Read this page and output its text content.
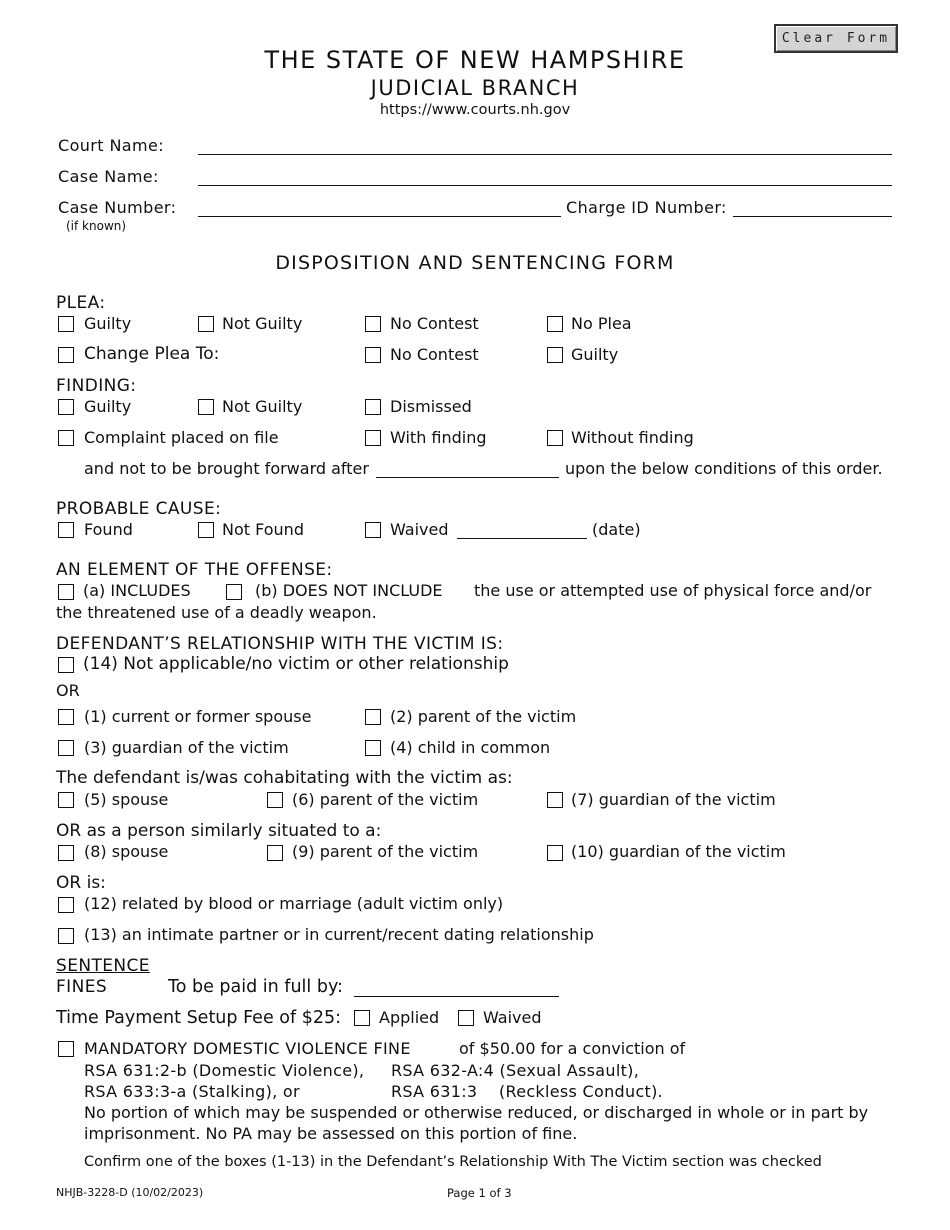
Clear Form
THE STATE OF NEW HAMPSHIRE
JUDICIAL BRANCH
https://www.courts.nh.gov
Court Name:
Case Name:
Case Number:
(if known)
Charge ID Number:
DISPOSITION AND SENTENCING FORM
PLEA:
Guilty	Not Guilty	No Contest	No Plea
Change Plea To:	No Contest	Guilty
FINDING:
Guilty	Not Guilty	Dismissed
Complaint placed on file	With finding	Without finding
and not to be brought forward after	upon the below conditions of this order.
PROBABLE CAUSE:
Found	Not Found	Waived	(date)
AN ELEMENT OF THE OFFENSE:
(a) INCLUDES	(b) DOES NOT INCLUDE the use or attempted use of physical force and/or
the threatened use of a deadly weapon.
DEFENDANT’S RELATIONSHIP WITH THE VICTIM IS:
(14) Not applicable/no victim or other relationship
OR
(1) current or former spouse	(2) parent of the victim
(3) guardian of the victim	(4) child in common
The defendant is/was cohabitating with the victim as:
(5) spouse	(6) parent of the victim	(7) guardian of the victim
OR as a person similarly situated to a:
(8) spouse	(9) parent of the victim	(10) guardian of the victim
OR is:
(12) related by blood or marriage (adult victim only)
(13) an intimate partner or in current/recent dating relationship
SENTENCE
FINES	To be paid in full by:
Time Payment Setup Fee of $25: Applied	Waived
MANDATORY DOMESTIC VIOLENCE FINE	of $50.00 for a conviction of
RSA 631:2-b (Domestic Violence), RSA 632-A:4 (Sexual Assault),
RSA 633:3-a (Stalking), or	RSA 631:3    (Reckless Conduct).
No portion of which may be suspended or otherwise reduced, or discharged in whole or in part by
imprisonment. No PA may be assessed on this portion of fine.
Confirm one of the boxes (1-13) in the Defendant’s Relationship With The Victim section was checked
NHJB-3228-D (10/02/2023)	Page 1 of 3
